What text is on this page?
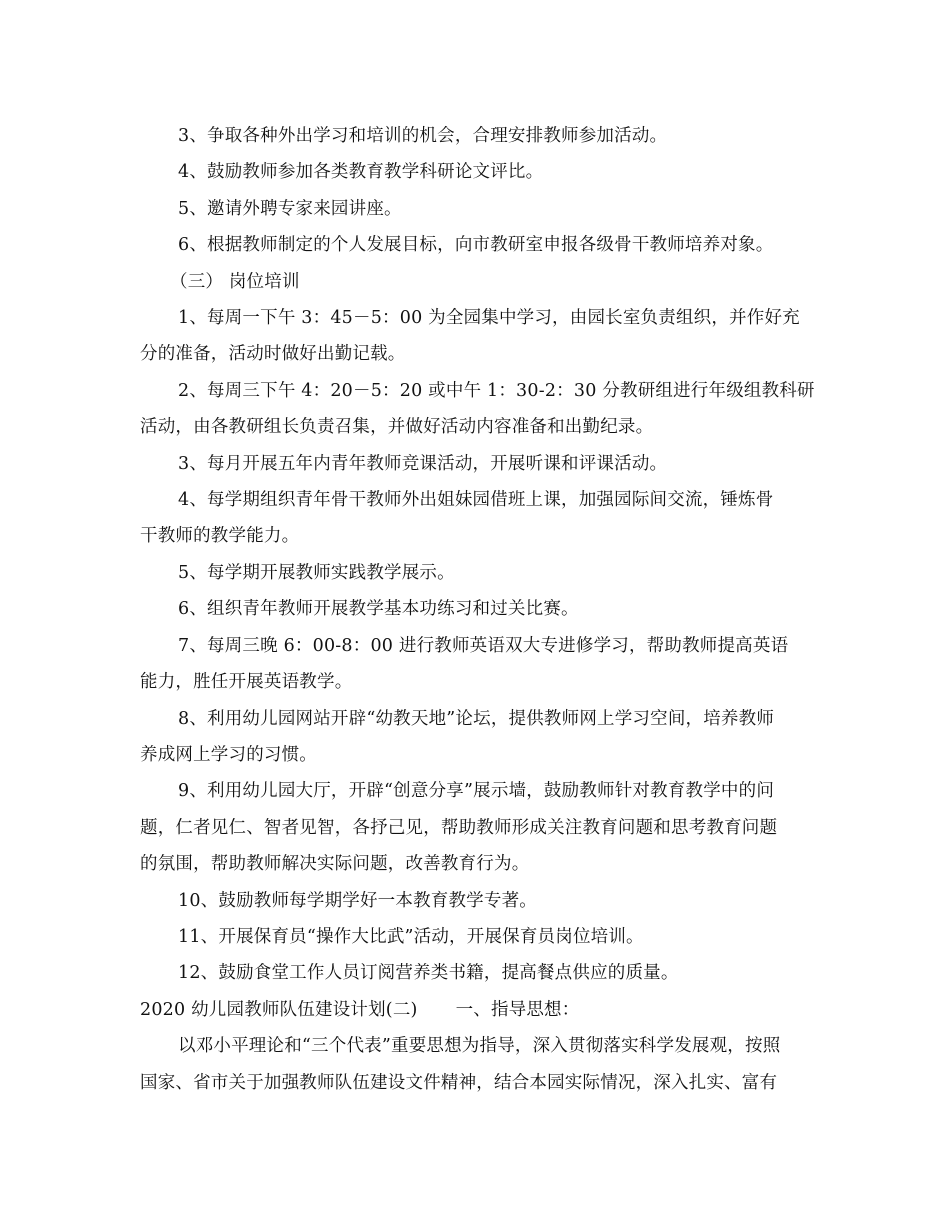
3、争取各种外出学习和培训的机会，合理安排教师参加活动。

4、鼓励教师参加各类教育教学科研论文评比。

5、邀请外聘专家来园讲座。

6、根据教师制定的个人发展目标，向市教研室申报各级骨干教师培养对象。

（三） 岗位培训

1、每周一下午 3：45－5：00 为全园集中学习，由园长室负责组织，并作好充

分的准备，活动时做好出勤记载。

2、每周三下午 4：20－5：20 或中午 1：30-2：30 分教研组进行年级组教科研

活动，由各教研组长负责召集，并做好活动内容准备和出勤纪录。

3、每月开展五年内青年教师竞课活动，开展听课和评课活动。

4、每学期组织青年骨干教师外出姐妹园借班上课，加强园际间交流，锤炼骨

干教师的教学能力。

5、每学期开展教师实践教学展示。

6、组织青年教师开展教学基本功练习和过关比赛。

7、每周三晚 6：00-8：00 进行教师英语双大专进修学习，帮助教师提高英语

能力，胜任开展英语教学。

8、利用幼儿园网站开辟“幼教天地”论坛，提供教师网上学习空间，培养教师

养成网上学习的习惯。

9、利用幼儿园大厅，开辟“创意分享”展示墙，鼓励教师针对教育教学中的问

题，仁者见仁、智者见智，各抒己见，帮助教师形成关注教育问题和思考教育问题

的氛围，帮助教师解决实际问题，改善教育行为。

10、鼓励教师每学期学好一本教育教学专著。

11、开展保育员“操作大比武”活动，开展保育员岗位培训。

12、鼓励食堂工作人员订阅营养类书籍，提高餐点供应的质量。

2020 幼儿园教师队伍建设计划(二) 一、指导思想：

以邓小平理论和“三个代表”重要思想为指导，深入贯彻落实科学发展观，按照

国家、省市关于加强教师队伍建设文件精神，结合本园实际情况，深入扎实、富有
